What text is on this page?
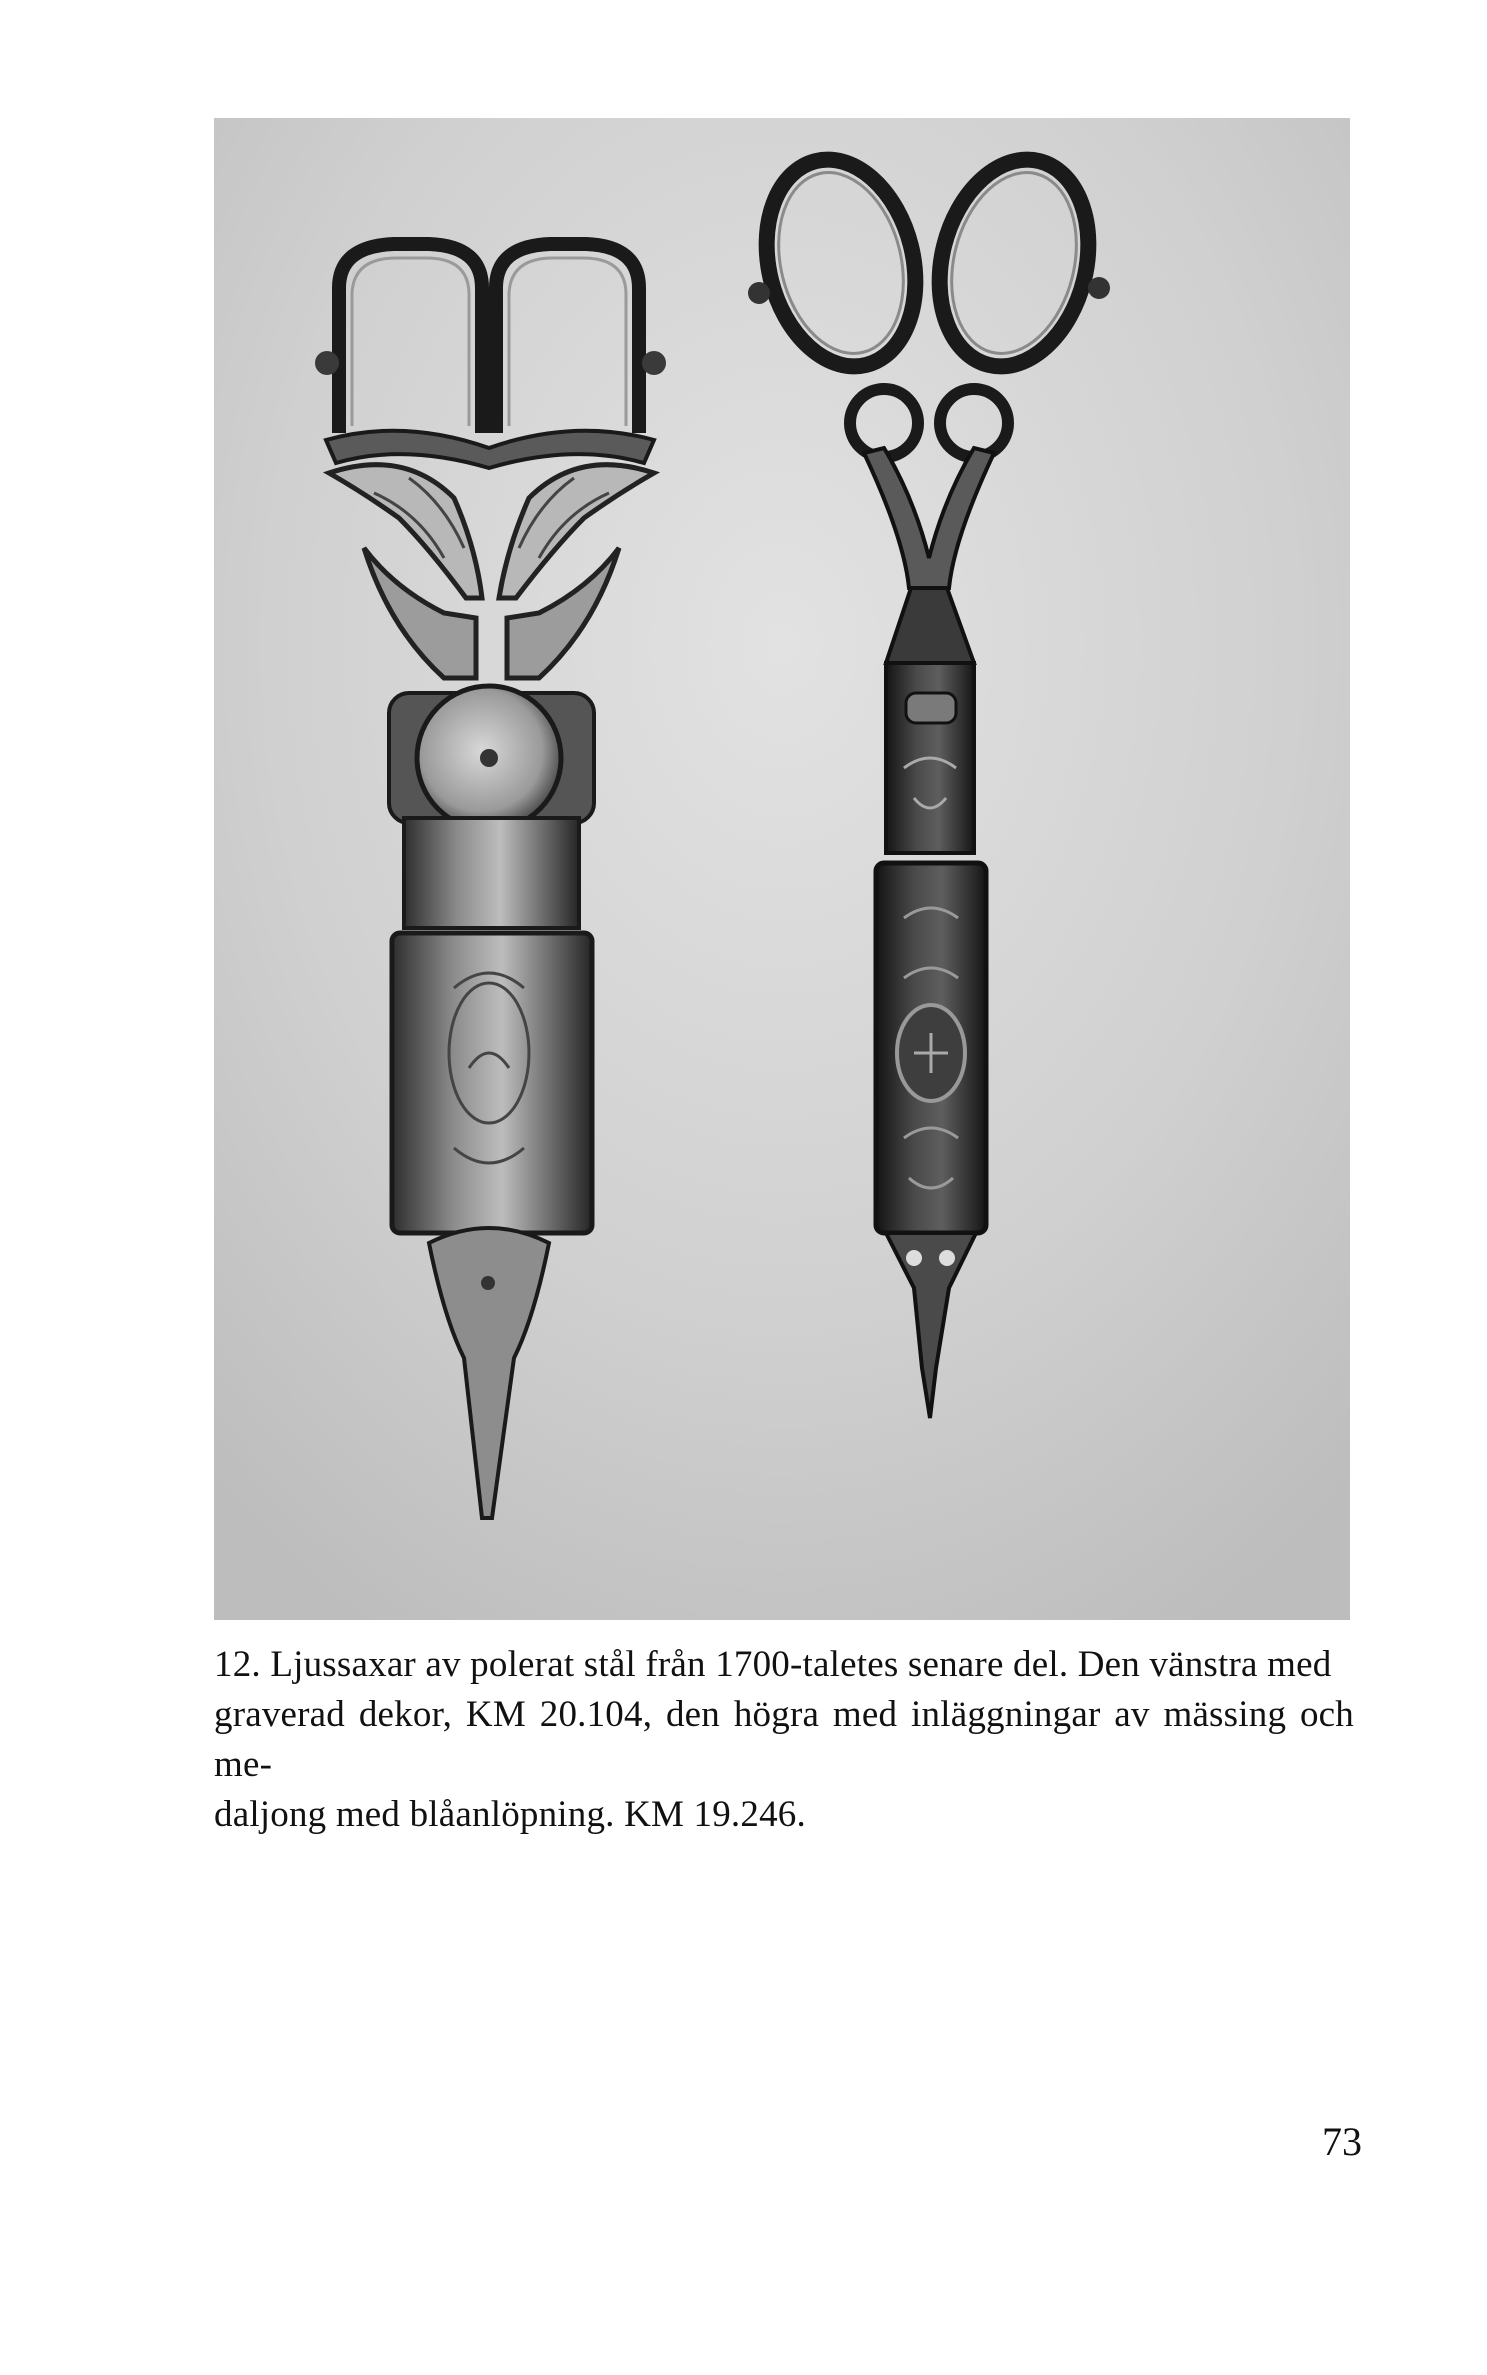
12. Ljussaxar av polerat stål från 1700-taletes senare del. Den vänstra med
graverad dekor, KM 20.104, den högra med inläggningar av mässing och me-
daljong med blåanlöpning. KM 19.246.
73
